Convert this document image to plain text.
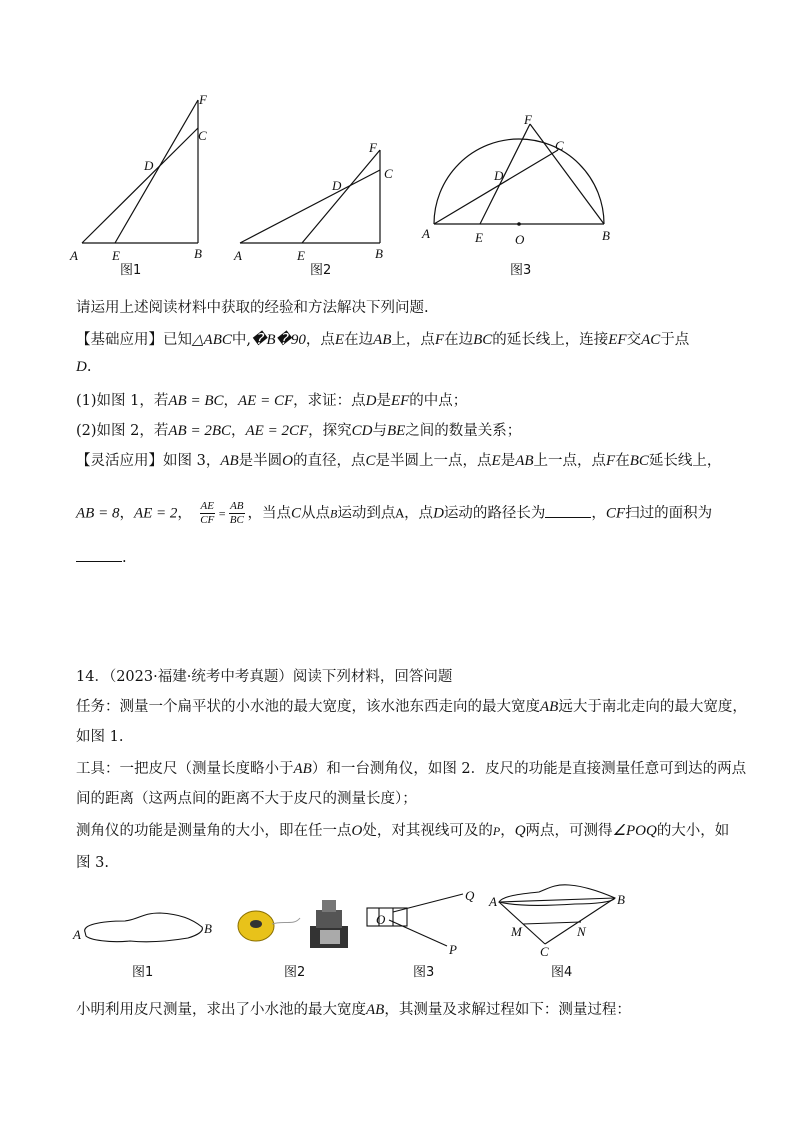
A	E	B
C
F
D
图1
A	E	B
C
F
D
图2
A	E O	B
C
F
D
图3
请运用上述阅读材料中获取的经验和方法解决下列问题.
【基础应用】已知△ABC中,�B�90，点E在边AB上，点F在边BC的延长线上，连接EF交AC于点
D.
(1)如图 1，若AB = BC，AE = CF，求证：点D是EF的中点；
(2)如图 2，若AB = 2BC，AE = 2CF，探究CD与BE之间的数量关系；
【灵活应用】如图 3，AB是半圆O的直径，点C是半圆上一点，点E是AB上一点，点F在BC延长线上，
AB = 8，AE = 2， $\frac{AE}{CF} = \frac{AB}{BC}$ ，当点C从点B运动到点A，点D运动的路径长为	，CF扫过的面积为
.
14．（2023·福建·统考中考真题）阅读下列材料，回答问题
任务：测量一个扁平状的小水池的最大宽度，该水池东西走向的最大宽度AB远大于南北走向的最大宽度，
如图 1.
工具：一把皮尺（测量长度略小于AB）和一台测角仪，如图 2．皮尺的功能是直接测量任意可到达的两点
间的距离（这两点间的距离不大于皮尺的测量长度）；
测角仪的功能是测量角的大小，即在任一点O处，对其视线可及的P，Q两点，可测得∠POQ的大小，如
图 3.
A	B
图1	图2
O
Q
P
图3
A	B
C
M	N
图4
小明利用皮尺测量，求出了小水池的最大宽度AB，其测量及求解过程如下：测量过程：
